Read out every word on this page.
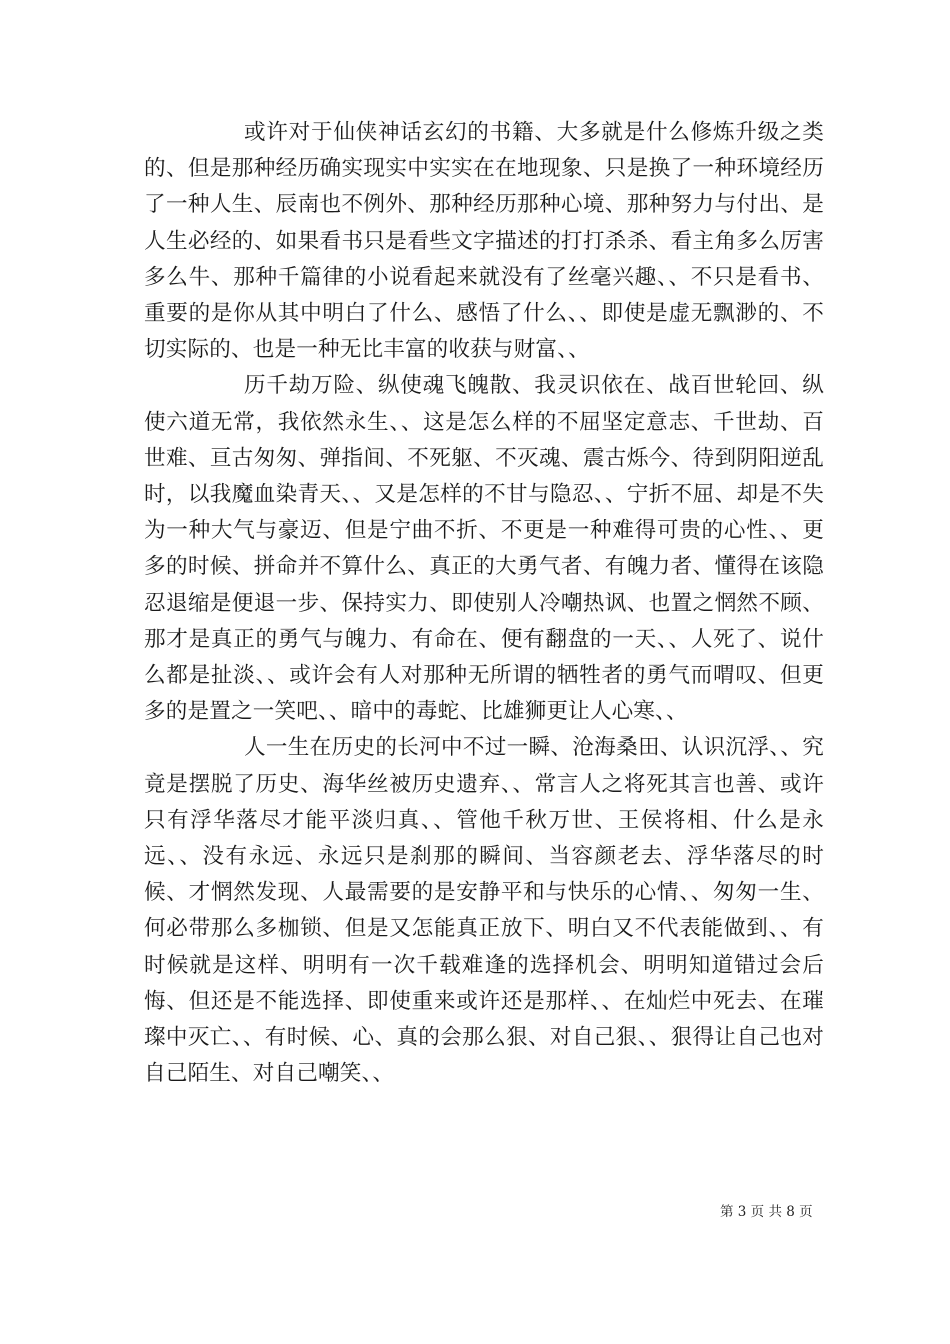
或许对于仙侠神话玄幻的书籍、大多就是什么修炼升级之类的、但是那种经历确实现实中实实在在地现象、只是换了一种环境经历了一种人生、辰南也不例外、那种经历那种心境、那种努力与付出、是人生必经的、如果看书只是看些文字描述的打打杀杀、看主角多么厉害多么牛、那种千篇律的小说看起来就没有了丝毫兴趣、、不只是看书、重要的是你从其中明白了什么、感悟了什么、、即使是虚无飘渺的、不切实际的、也是一种无比丰富的收获与财富、、

历千劫万险、纵使魂飞魄散、我灵识依在、战百世轮回、纵使六道无常，我依然永生、、这是怎么样的不屈坚定意志、千世劫、百世难、亘古匆匆、弹指间、不死躯、不灭魂、震古烁今、待到阴阳逆乱时，以我魔血染青天、、又是怎样的不甘与隐忍、、宁折不屈、却是不失为一种大气与豪迈、但是宁曲不折、不更是一种难得可贵的心性、、更多的时候、拼命并不算什么、真正的大勇气者、有魄力者、懂得在该隐忍退缩是便退一步、保持实力、即使别人冷嘲热讽、也置之惘然不顾、那才是真正的勇气与魄力、有命在、便有翻盘的一天、、人死了、说什么都是扯淡、、或许会有人对那种无所谓的牺牲者的勇气而喟叹、但更多的是置之一笑吧、、暗中的毒蛇、比雄狮更让人心寒、、

人一生在历史的长河中不过一瞬、沧海桑田、认识沉浮、、究竟是摆脱了历史、海华丝被历史遗弃、、常言人之将死其言也善、或许只有浮华落尽才能平淡归真、、管他千秋万世、王侯将相、什么是永远、、没有永远、永远只是刹那的瞬间、当容颜老去、浮华落尽的时候、才惘然发现、人最需要的是安静平和与快乐的心情、、匆匆一生、何必带那么多枷锁、但是又怎能真正放下、明白又不代表能做到、、有时候就是这样、明明有一次千载难逢的选择机会、明明知道错过会后悔、但还是不能选择、即使重来或许还是那样、、在灿烂中死去、在璀璨中灭亡、、有时候、心、真的会那么狠、对自己狠、、狠得让自己也对自己陌生、对自己嘲笑、、

第 3 页 共 8 页
